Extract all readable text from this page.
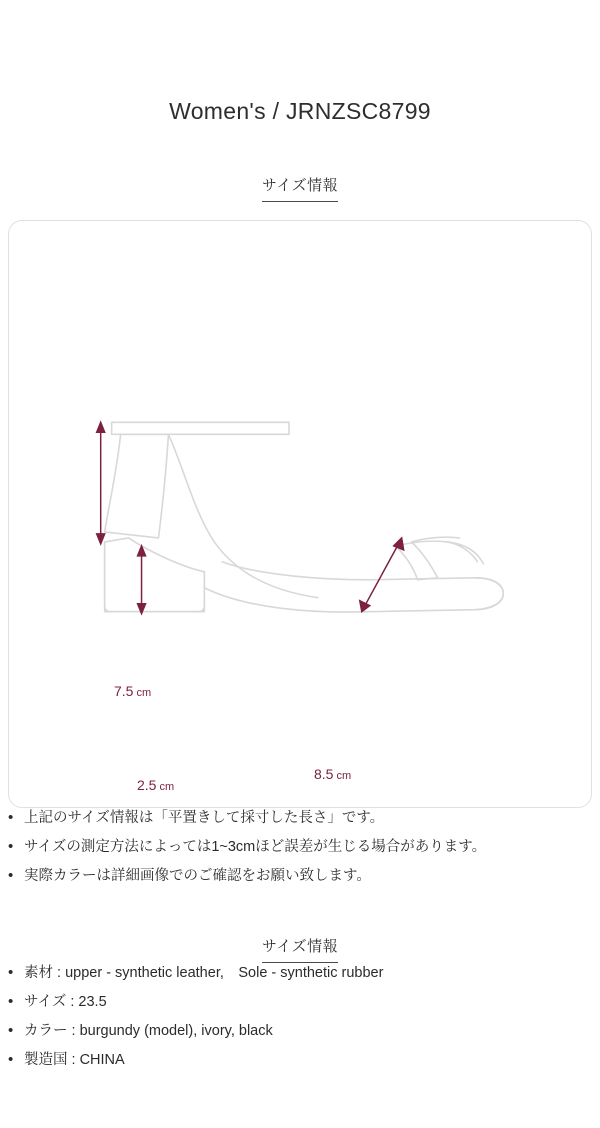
Women's / JRNZSC8799
サイズ情報
7.5 cm
2.5 cm
8.5 cm
• 上記のサイズ情報は「平置きして採寸した長さ」です。
• サイズの測定方法によっては1~3cmほど誤差が生じる場合があります。
• 実際カラーは詳細画像でのご確認をお願い致します。
サイズ情報
• 素材 : upper - synthetic leather,　Sole - synthetic rubber
• サイズ : 23.5
• カラー : burgundy (model), ivory, black
• 製造国 : CHINA
